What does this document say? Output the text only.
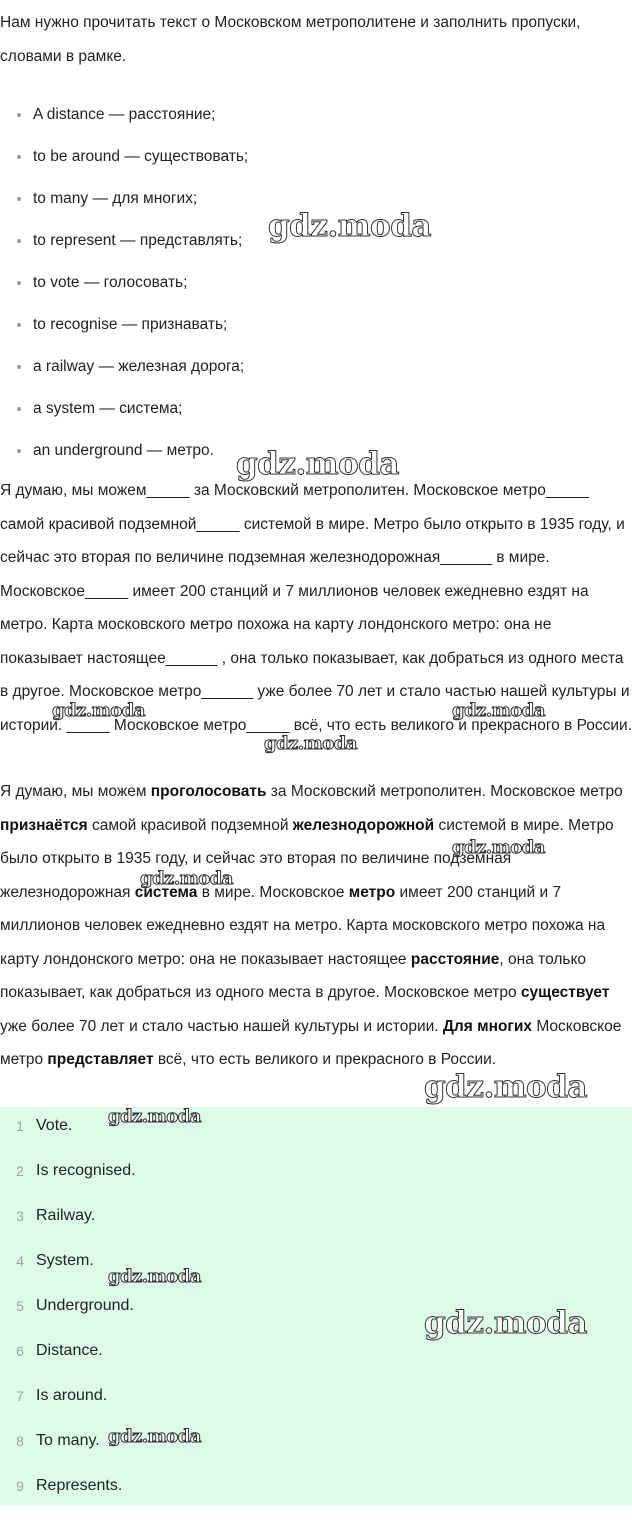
Нам нужно прочитать текст о Московском метрополитене и заполнить пропуски, словами в рамке.

A distance — расстояние;
to be around — существовать;
to many — для многих;
to represent — представлять;
to vote — голосовать;
to recognise — признавать;
a railway — железная дорога;
a system — система;
an underground — метро.

Я думаю, мы можем_____ за Московский метрополитен. Московское метро_____ самой красивой подземной_____ системой в мире. Метро было открыто в 1935 году, и сейчас это вторая по величине подземная железнодорожная______ в мире. Московское_____ имеет 200 станций и 7 миллионов человек ежедневно ездят на метро. Карта московского метро похожа на карту лондонского метро: она не показывает настоящее______ , она только показывает, как добраться из одного места в другое. Московское метро______ уже более 70 лет и стало частью нашей культуры и истории. _____ Московское метро_____ всё, что есть великого и прекрасного в России.

Я думаю, мы можем проголосовать за Московский метрополитен. Московское метро признаётся самой красивой подземной железнодорожной системой в мире. Метро было открыто в 1935 году, и сейчас это вторая по величине подземная железнодорожная система в мире. Московское метро имеет 200 станций и 7 миллионов человек ежедневно ездят на метро. Карта московского метро похожа на карту лондонского метро: она не показывает настоящее расстояние, она только показывает, как добраться из одного места в другое. Московское метро существует уже более 70 лет и стало частью нашей культуры и истории. Для многих Московское метро представляет всё, что есть великого и прекрасного в России.

1 Vote.
2 Is recognised.
3 Railway.
4 System.
5 Underground.
6 Distance.
7 Is around.
8 To many.
9 Represents.
gdz.moda
gdz.moda
gdz.moda	gdz.moda
gdz.moda
gdz.moda
gdz.moda
gdz.moda
gdz.moda
gdz.moda
gdz.moda
gdz.moda
